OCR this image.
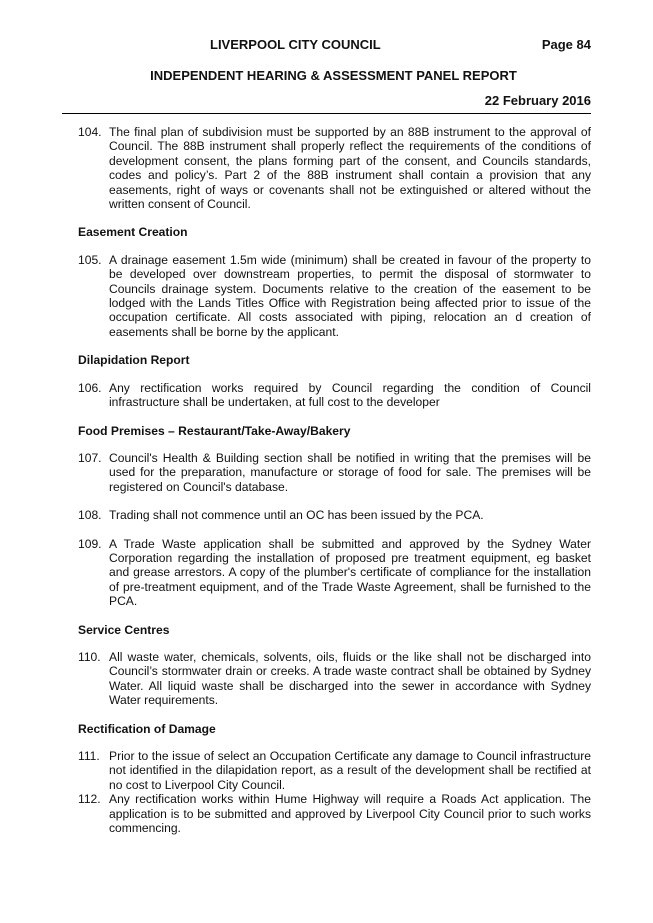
LIVERPOOL CITY COUNCIL	Page 84
INDEPENDENT HEARING & ASSESSMENT PANEL REPORT
22 February 2016
104. The final plan of subdivision must be supported by an 88B instrument to the approval of Council. The 88B instrument shall properly reflect the requirements of the conditions of development consent, the plans forming part of the consent, and Councils standards, codes and policy’s. Part 2 of the 88B instrument shall contain a provision that any easements, right of ways or covenants shall not be extinguished or altered without the written consent of Council.
Easement Creation
105. A drainage easement 1.5m wide (minimum) shall be created in favour of the property to be developed over downstream properties, to permit the disposal of stormwater to Councils drainage system. Documents relative to the creation of the easement to be lodged with the Lands Titles Office with Registration being affected prior to issue of the occupation certificate. All costs associated with piping, relocation an d creation of easements shall be borne by the applicant.
Dilapidation Report
106. Any rectification works required by Council regarding the condition of Council infrastructure shall be undertaken, at full cost to the developer
Food Premises – Restaurant/Take-Away/Bakery
107. Council's Health & Building section shall be notified in writing that the premises will be used for the preparation, manufacture or storage of food for sale. The premises will be registered on Council's database.
108. Trading shall not commence until an OC has been issued by the PCA.
109. A Trade Waste application shall be submitted and approved by the Sydney Water Corporation regarding the installation of proposed pre treatment equipment, eg basket and grease arrestors. A copy of the plumber's certificate of compliance for the installation of pre-treatment equipment, and of the Trade Waste Agreement, shall be furnished to the PCA.
Service Centres
110. All waste water, chemicals, solvents, oils, fluids or the like shall not be discharged into Council’s stormwater drain or creeks. A trade waste contract shall be obtained by Sydney Water. All liquid waste shall be discharged into the sewer in accordance with Sydney Water requirements.
Rectification of Damage
111. Prior to the issue of select an Occupation Certificate any damage to Council infrastructure not identified in the dilapidation report, as a result of the development shall be rectified at no cost to Liverpool City Council.
112. Any rectification works within Hume Highway will require a Roads Act application. The application is to be submitted and approved by Liverpool City Council prior to such works commencing.
